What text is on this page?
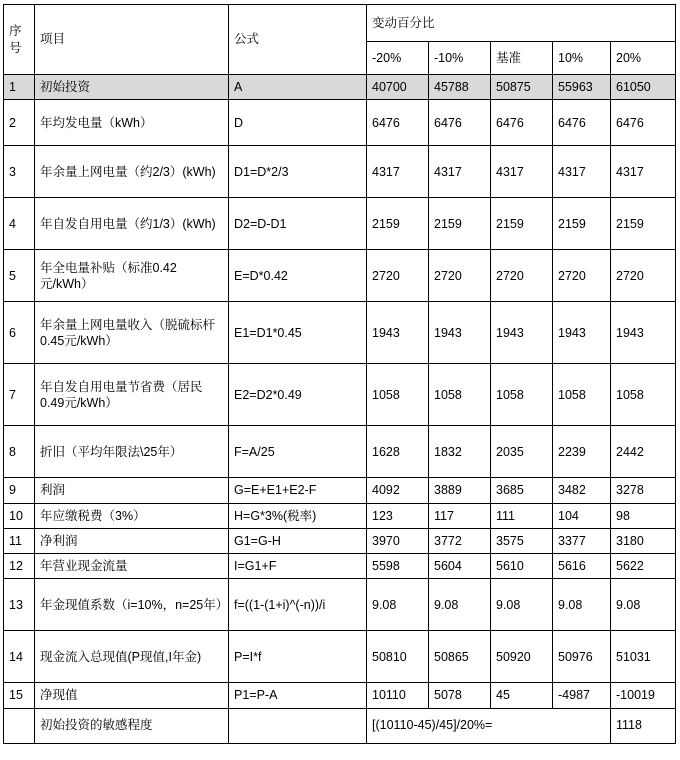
序号	项目	公式	变动百分比				
			-20%	-10%	基准	10%	20%
1	初始投资	A	40700	45788	50875	55963	61050
2	年均发电量（kWh）	D	6476	6476	6476	6476	6476
3	年余量上网电量（约2/3）(kWh)	D1=D*2/3	4317	4317	4317	4317	4317
4	年自发自用电量（约1/3）(kWh)	D2=D-D1	2159	2159	2159	2159	2159
5	年全电量补贴（标准0.42元/kWh）	E=D*0.42	2720	2720	2720	2720	2720
6	年余量上网电量收入（脱硫标杆0.45元/kWh）	E1=D1*0.45	1943	1943	1943	1943	1943
7	年自发自用电量节省费（居民0.49元/kWh）	E2=D2*0.49	1058	1058	1058	1058	1058
8	折旧（平均年限法\25年）	F=A/25	1628	1832	2035	2239	2442
9	利润	G=E+E1+E2-F	4092	3889	3685	3482	3278
10	年应缴税费（3%）	H=G*3%(税率)	123	117	111	104	98
11	净利润	G1=G-H	3970	3772	3575	3377	3180
12	年营业现金流量	I=G1+F	5598	5604	5610	5616	5622
13	年金现值系数（i=10%，n=25年）	f=((1-(1+i)^(-n))/i	9.08	9.08	9.08	9.08	9.08
14	现金流入总现值(P现值,I年金)	P=I*f	50810	50865	50920	50976	51031
15	净现值	P1=P-A	10110	5078	45	-4987	-10019
	初始投资的敏感程度		[(10110-45)/45]/20%=				1118
